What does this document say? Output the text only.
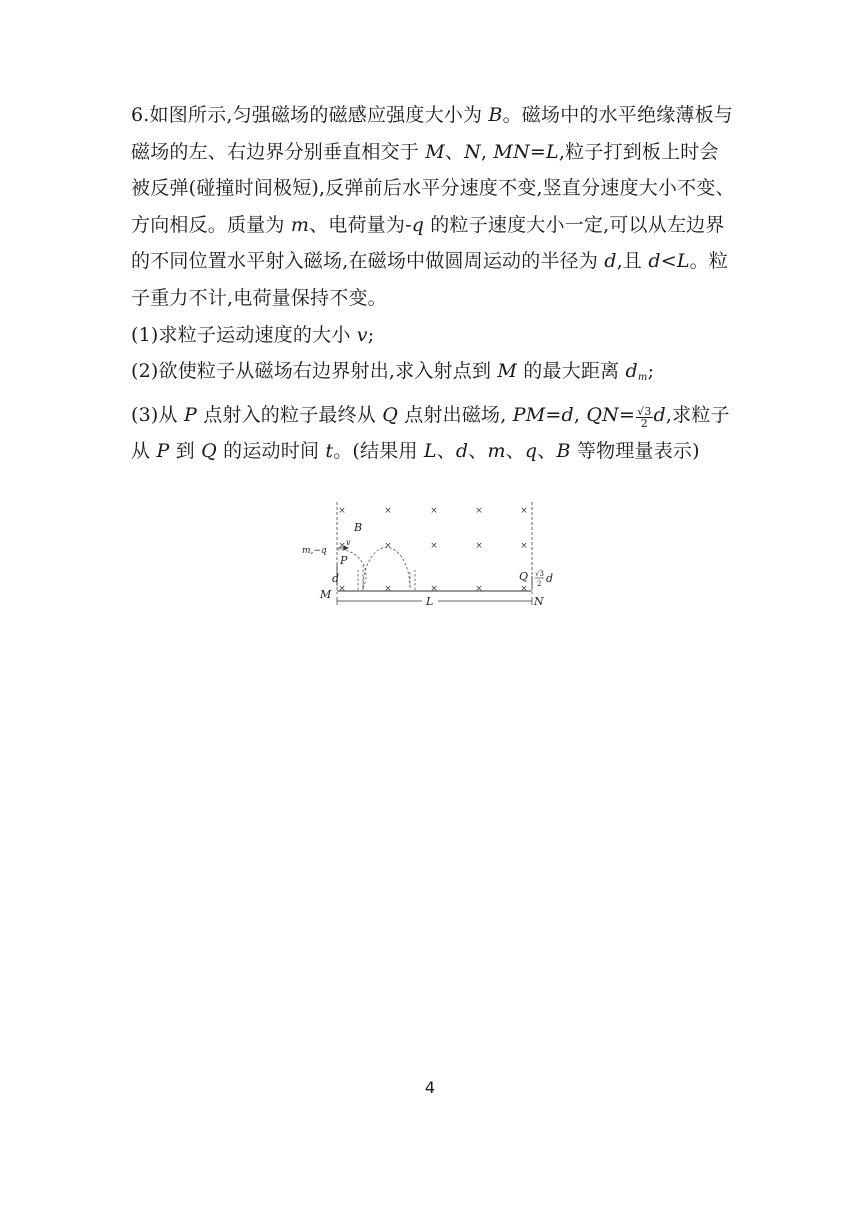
6.如图所示,匀强磁场的磁感应强度大小为 B。磁场中的水平绝缘薄板与磁场的左、右边界分别垂直相交于 M、N, MN=L,粒子打到板上时会被反弹(碰撞时间极短),反弹前后水平分速度不变,竖直分速度大小不变、方向相反。质量为 m、电荷量为-q 的粒子速度大小一定,可以从左边界的不同位置水平射入磁场,在磁场中做圆周运动的半径为 d,且 d<L。粒子重力不计,电荷量保持不变。

(1)求粒子运动速度的大小 v;

(2)欲使粒子从磁场右边界射出,求入射点到 M 的最大距离 $d_m$;

(3)从 P 点射入的粒子最终从 Q 点射出磁场, PM=d, $QN= \frac{√3}{2} d$,求粒子从 P 到 Q 的运动时间 t。(结果用 L、d、m、q、B 等物理量表示)

×	×	×	×	×
×	×	×	×	×
×	×	×	×	×
B
m,−q
v
P
d
M
L	N
Q √3
2 d
4
